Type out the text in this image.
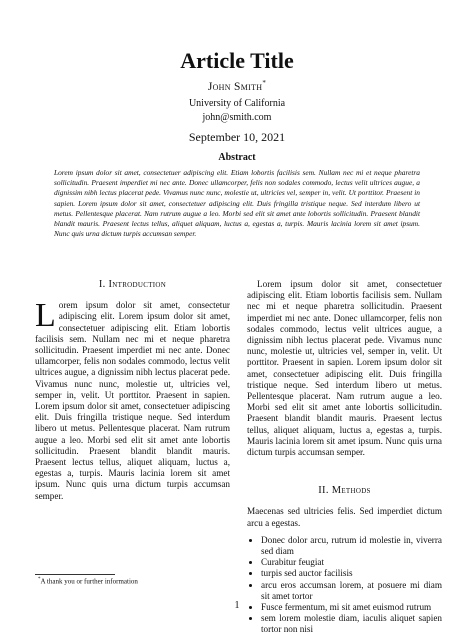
Article Title
John Smith*
University of California
john@smith.com
September 10, 2021
Abstract
Lorem ipsum dolor sit amet, consectetuer adipiscing elit. Etiam lobortis facilisis sem. Nullam nec mi et neque pharetra sollicitudin. Praesent imperdiet mi nec ante. Donec ullamcorper, felis non sodales commodo, lectus velit ultrices augue, a dignissim nibh lectus placerat pede. Vivamus nunc nunc, molestie ut, ultricies vel, semper in, velit. Ut porttitor. Praesent in sapien. Lorem ipsum dolor sit amet, consectetuer adipiscing elit. Duis fringilla tristique neque. Sed interdum libero ut metus. Pellentesque placerat. Nam rutrum augue a leo. Morbi sed elit sit amet ante lobortis sollicitudin. Praesent blandit blandit mauris. Praesent lectus tellus, aliquet aliquam, luctus a, egestas a, turpis. Mauris lacinia lorem sit amet ipsum. Nunc quis urna dictum turpis accumsan semper.
I. Introduction

Lorem ipsum dolor sit amet, consectetur adipiscing elit. Lorem ipsum dolor sit amet, consectetuer adipiscing elit. Etiam lobortis facilisis sem. Nullam nec mi et neque pharetra sollicitudin. Praesent imperdiet mi nec ante. Donec ullamcorper, felis non sodales commodo, lectus velit ultrices augue, a dignissim nibh lectus placerat pede. Vivamus nunc nunc, molestie ut, ultricies vel, semper in, velit. Ut porttitor. Praesent in sapien. Lorem ipsum dolor sit amet, consectetuer adipiscing elit. Duis fringilla tristique neque. Sed interdum libero ut metus. Pellentesque placerat. Nam rutrum augue a leo. Morbi sed elit sit amet ante lobortis sollicitudin. Praesent blandit blandit mauris. Praesent lectus tellus, aliquet aliquam, luctus a, egestas a, turpis. Mauris lacinia lorem sit amet ipsum. Nunc quis urna dictum turpis accumsan semper.

Lorem ipsum dolor sit amet, consectetuer adipiscing elit. Etiam lobortis facilisis sem. Nullam nec mi et neque pharetra sollicitudin. Praesent imperdiet mi nec ante. Donec ullamcorper, felis non sodales commodo, lectus velit ultrices augue, a dignissim nibh lectus placerat pede. Vivamus nunc nunc, molestie ut, ultricies vel, semper in, velit. Ut porttitor. Praesent in sapien. Lorem ipsum dolor sit amet, consectetuer adipiscing elit. Duis fringilla tristique neque. Sed interdum libero ut metus. Pellentesque placerat. Nam rutrum augue a leo. Morbi sed elit sit amet ante lobortis sollicitudin. Praesent blandit blandit mauris. Praesent lectus tellus, aliquet aliquam, luctus a, egestas a, turpis. Mauris lacinia lorem sit amet ipsum. Nunc quis urna dictum turpis accumsan semper.

II. Methods

Maecenas sed ultricies felis. Sed imperdiet dictum arcu a egestas.

• Donec dolor arcu, rutrum id molestie in, viverra sed diam
• Curabitur feugiat
• turpis sed auctor facilisis
• arcu eros accumsan lorem, at posuere mi diam sit amet tortor
• Fusce fermentum, mi sit amet euismod rutrum
• sem lorem molestie diam, iaculis aliquet sapien tortor non nisi
*A thank you or further information
1
